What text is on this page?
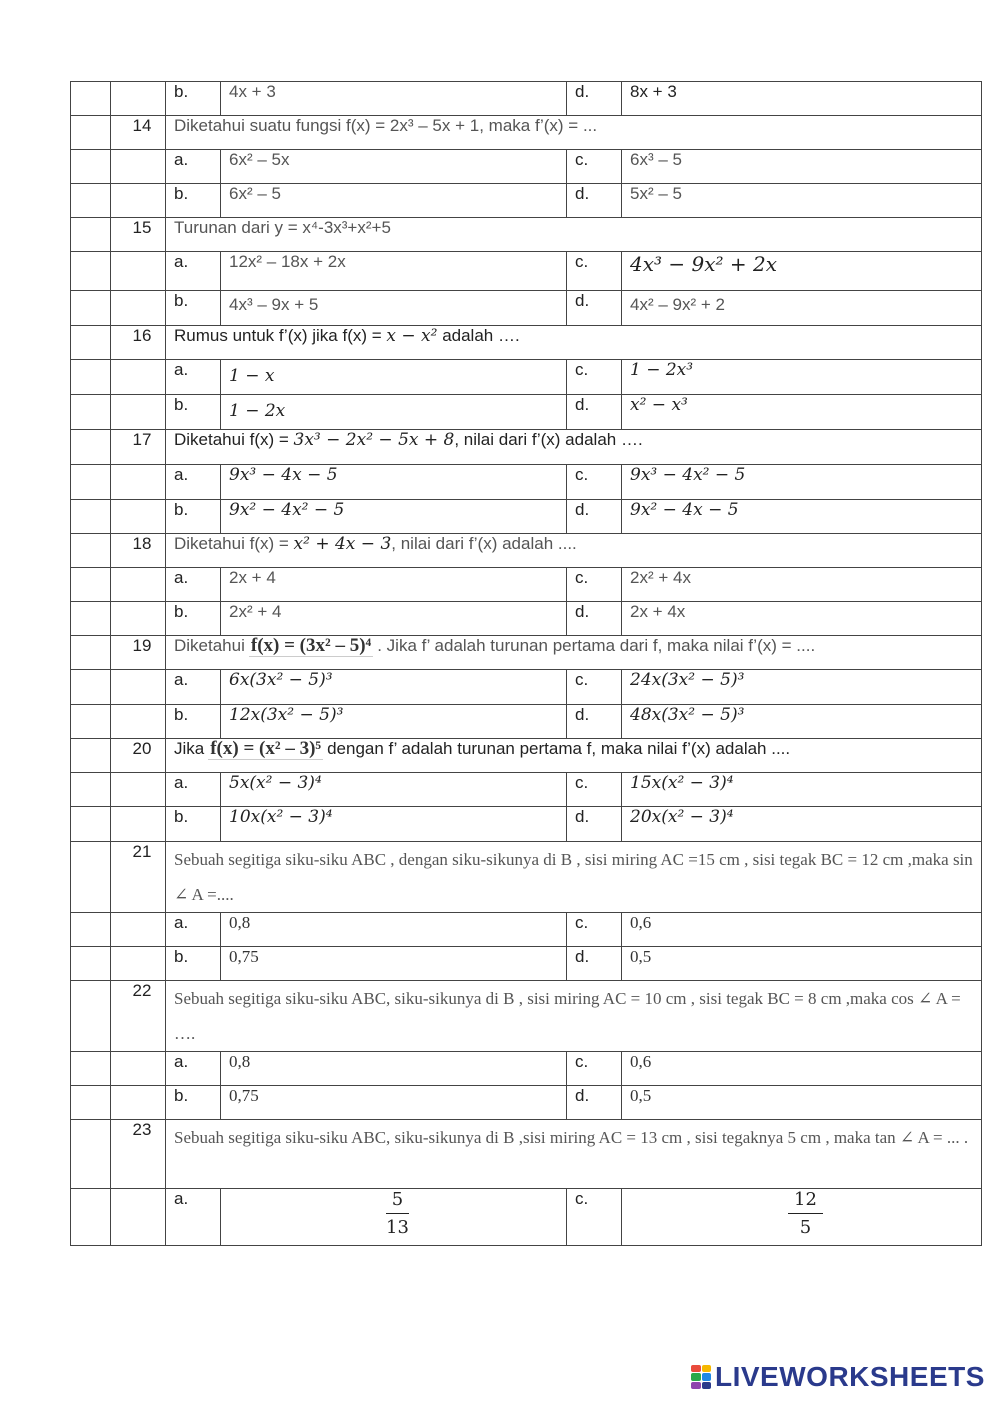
		b.	4x + 3	d.	8x + 3
	14	Diketahui suatu fungsi f(x) = 2x³ – 5x + 1, maka f’(x) = ...			
		a.	6x² – 5x	c.	6x³ – 5
		b.	6x² – 5	d.	5x² – 5
	15	Turunan dari y = x⁴-3x³+x²+5			
		a.	12x² – 18x + 2x	c.	4x³ − 9x² + 2x
		b.	4x³ – 9x + 5	d.	4x² – 9x² + 2
	16	Rumus untuk f’(x) jika f(x) = x − x² adalah ….			
		a.	1 − x	c.	1 − 2x³
		b.	1 − 2x	d.	x² − x³
	17	Diketahui f(x) = 3x³ − 2x² − 5x + 8, nilai dari f’(x) adalah ….			
		a.	9x³ − 4x − 5	c.	9x³ − 4x² − 5
		b.	9x² − 4x² − 5	d.	9x² − 4x − 5
	18	Diketahui f(x) = x² + 4x − 3, nilai dari f’(x) adalah ....			
		a.	2x + 4	c.	2x² + 4x
		b.	2x² + 4	d.	2x + 4x
	19	Diketahui f(x) = (3x² – 5)⁴ . Jika f’ adalah turunan pertama dari f, maka nilai f’(x) = ....			
		a.	6x(3x² − 5)³	c.	24x(3x² − 5)³
		b.	12x(3x² − 5)³	d.	48x(3x² − 5)³
	20	Jika f(x) = (x² – 3)⁵ dengan f’ adalah turunan pertama f, maka nilai f’(x) adalah ....			
		a.	5x(x² − 3)⁴	c.	15x(x² − 3)⁴
		b.	10x(x² − 3)⁴	d.	20x(x² − 3)⁴
	21	Sebuah segitiga siku-siku ABC , dengan siku-sikunya di B , sisi miring AC =15 cm , sisi tegak BC = 12 cm ,maka sin ∠ A =....			

		a.	0,8	c.	0,6
		b.	0,75	d.	0,5
	22	Sebuah segitiga siku-siku ABC, siku-sikunya di B , sisi miring AC = 10 cm , sisi tegak BC = 8 cm ,maka cos ∠ A = ….			

		a.	0,8	c.	0,6
		b.	0,75	d.	0,5
	23	Sebuah segitiga siku-siku ABC, siku-sikunya di B ,sisi miring AC = 13 cm , sisi tegaknya 5 cm , maka tan ∠ A = ... .			

		a.	$\frac{5}{13}$	c.	$\frac{12}{5}$
LIVEWORKSHEETS
